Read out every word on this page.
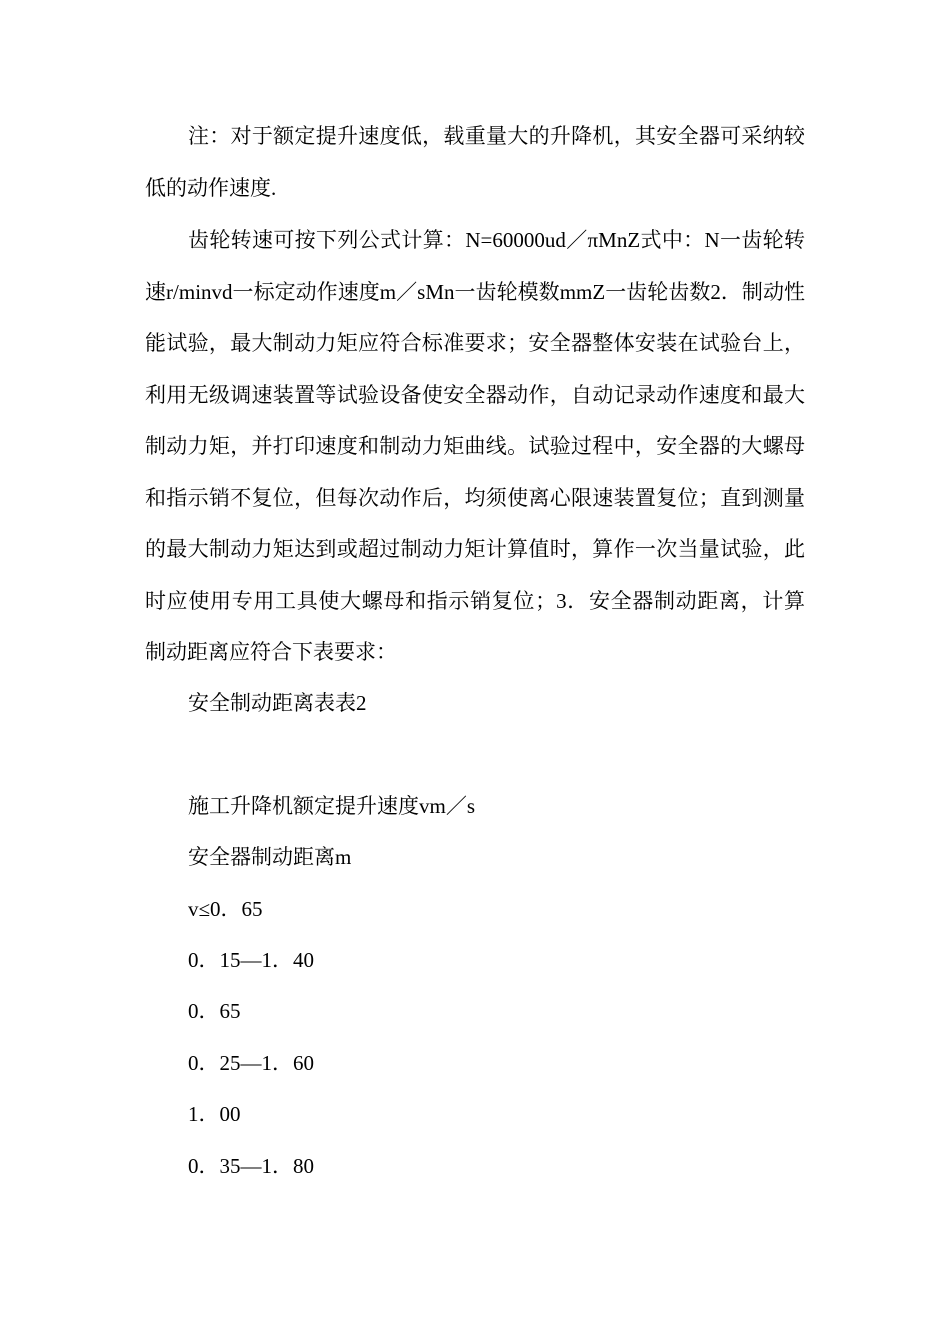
注：对于额定提升速度低，载重量大的升降机，其安全器可采纳较低的动作速度.

齿轮转速可按下列公式计算：N=60000ud／πMnZ式中：N一齿轮转速r/minvd一标定动作速度m／sMn一齿轮模数mmZ一齿轮齿数2．制动性能试验，最大制动力矩应符合标准要求；安全器整体安装在试验台上，利用无级调速装置等试验设备使安全器动作，自动记录动作速度和最大制动力矩，并打印速度和制动力矩曲线。试验过程中，安全器的大螺母和指示销不复位，但每次动作后，均须使离心限速装置复位；直到测量的最大制动力矩达到或超过制动力矩计算值时，算作一次当量试验，此时应使用专用工具使大螺母和指示销复位；3．安全器制动距离，计算制动距离应符合下表要求：

安全制动距离表表2
施工升降机额定提升速度vm／s
安全器制动距离m
v≤0．65
0．15—1．40
0．65
0．25—1．60
1．00
0．35—1．80
